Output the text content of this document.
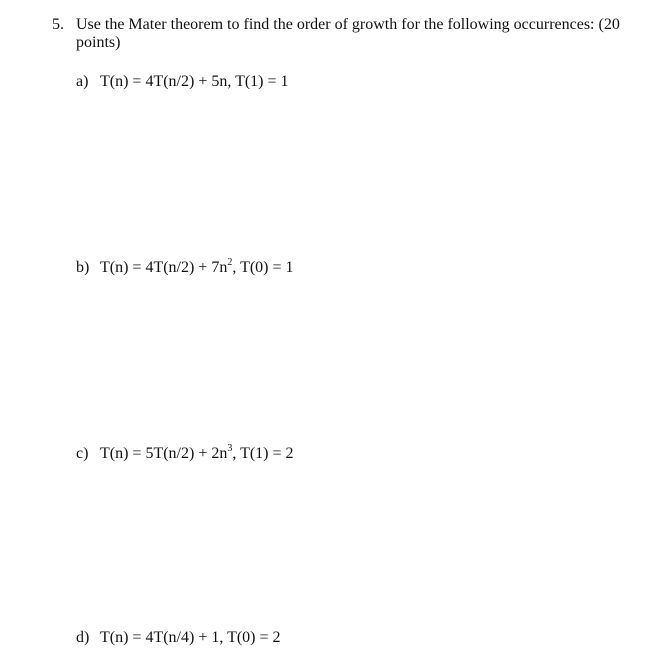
5. Use the Mater theorem to find the order of growth for the following occurrences: (20 points)
a) T(n) = 4T(n/2) + 5n, T(1) = 1
b) $T(n) = 4T(n/2) + 7n^2$, T(0) = 1
c) $T(n) = 5T(n/2) + 2n^3$, T(1) = 2
d) T(n) = 4T(n/4) + 1, T(0) = 2
